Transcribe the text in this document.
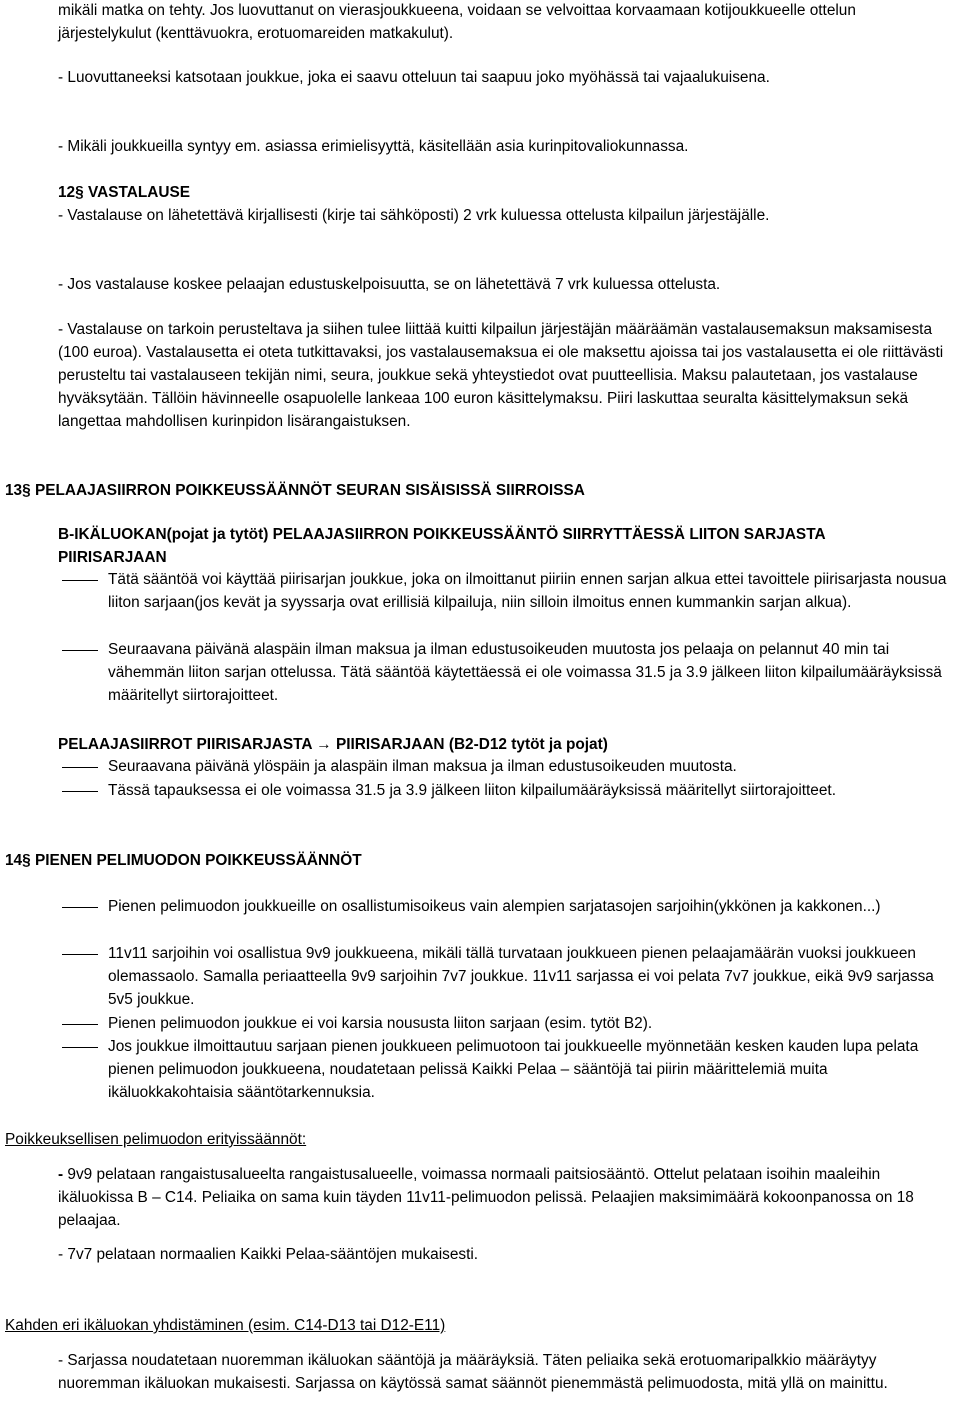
mikäli matka on tehty. Jos luovuttanut on vierasjoukkueena, voidaan se velvoittaa korvaamaan kotijoukkueelle ottelun järjestelykulut (kenttävuokra, erotuomareiden matkakulut).

- Luovuttaneeksi katsotaan joukkue, joka ei saavu otteluun tai saapuu joko myöhässä tai vajaalukuisena.

- Mikäli joukkueilla syntyy em. asiassa erimielisyyttä, käsitellään asia kurinpitovaliokunnassa.

12§ VASTALAUSE

- Vastalause on lähetettävä kirjallisesti (kirje tai sähköposti) 2 vrk kuluessa ottelusta kilpailun järjestäjälle.

- Jos vastalause koskee pelaajan edustuskelpoisuutta, se on lähetettävä 7 vrk kuluessa ottelusta.

- Vastalause on tarkoin perusteltava ja siihen tulee liittää kuitti kilpailun järjestäjän määräämän vastalausemaksun maksamisesta (100 euroa). Vastalausetta ei oteta tutkittavaksi, jos vastalausemaksua ei ole maksettu ajoissa tai jos vastalausetta ei ole riittävästi perusteltu tai vastalauseen tekijän nimi, seura, joukkue sekä yhteystiedot ovat puutteellisia. Maksu palautetaan, jos vastalause hyväksytään. Tällöin hävinneelle osapuolelle lankeaa 100 euron käsittelymaksu. Piiri laskuttaa seuralta käsittelymaksun sekä langettaa mahdollisen kurinpidon lisärangaistuksen.

13§ PELAAJASIIRRON POIKKEUSSÄÄNNÖT SEURAN SISÄISISSÄ SIIRROISSA

B-IKÄLUOKAN(pojat ja tytöt) PELAAJASIIRRON POIKKEUSSÄÄNTÖ SIIRRYTTÄESSÄ LIITON SARJASTA PIIRISARJAAN

Tätä sääntöä voi käyttää piirisarjan joukkue, joka on ilmoittanut piiriin ennen sarjan alkua ettei tavoittele piirisarjasta nousua liiton sarjaan(jos kevät ja syyssarja ovat erillisiä kilpailuja, niin silloin ilmoitus ennen kummankin sarjan alkua).

Seuraavana päivänä alaspäin ilman maksua ja ilman edustusoikeuden muutosta jos pelaaja on pelannut 40 min tai vähemmän liiton sarjan ottelussa. Tätä sääntöä käytettäessä ei ole voimassa 31.5 ja 3.9 jälkeen liiton kilpailumääräyksissä määritellyt siirtorajoitteet.

PELAAJASIIRROT PIIRISARJASTA → PIIRISARJAAN (B2-D12 tytöt ja pojat)

Seuraavana päivänä ylöspäin ja alaspäin ilman maksua ja ilman edustusoikeuden muutosta.

Tässä tapauksessa ei ole voimassa 31.5 ja 3.9 jälkeen liiton kilpailumääräyksissä määritellyt siirtorajoitteet.

14§ PIENEN PELIMUODON POIKKEUSSÄÄNNÖT

Pienen pelimuodon joukkueille on osallistumisoikeus vain alempien sarjatasojen sarjoihin(ykkönen ja kakkonen...)

11v11 sarjoihin voi osallistua 9v9 joukkueena, mikäli tällä turvataan joukkueen pienen pelaajamäärän vuoksi joukkueen olemassaolo. Samalla periaatteella 9v9 sarjoihin 7v7 joukkue. 11v11 sarjassa ei voi pelata 7v7 joukkue, eikä 9v9 sarjassa 5v5 joukkue.

Pienen pelimuodon joukkue ei voi karsia noususta liiton sarjaan (esim. tytöt B2).

Jos joukkue ilmoittautuu sarjaan pienen joukkueen pelimuotoon tai joukkueelle myönnetään kesken kauden lupa pelata pienen pelimuodon joukkueena, noudatetaan pelissä Kaikki Pelaa – sääntöjä tai piirin määrittelemiä muita ikäluokkakohtaisia sääntötarkennuksia.

Poikkeuksellisen pelimuodon erityissäännöt:

- 9v9 pelataan rangaistusalueelta rangaistusalueelle, voimassa normaali paitsiosääntö. Ottelut pelataan isoihin maaleihin ikäluokissa B – C14. Peliaika on sama kuin täyden 11v11-pelimuodon pelissä. Pelaajien maksimimäärä kokoonpanossa on 18 pelaajaa.

- 7v7 pelataan normaalien Kaikki Pelaa-sääntöjen mukaisesti.

Kahden eri ikäluokan yhdistäminen (esim. C14-D13 tai D12-E11)

- Sarjassa noudatetaan nuoremman ikäluokan sääntöjä ja määräyksiä. Täten peliaika sekä erotuomaripalkkio määräytyy nuoremman ikäluokan mukaisesti. Sarjassa on käytössä samat säännöt pienemmästä pelimuodosta, mitä yllä on mainittu.
